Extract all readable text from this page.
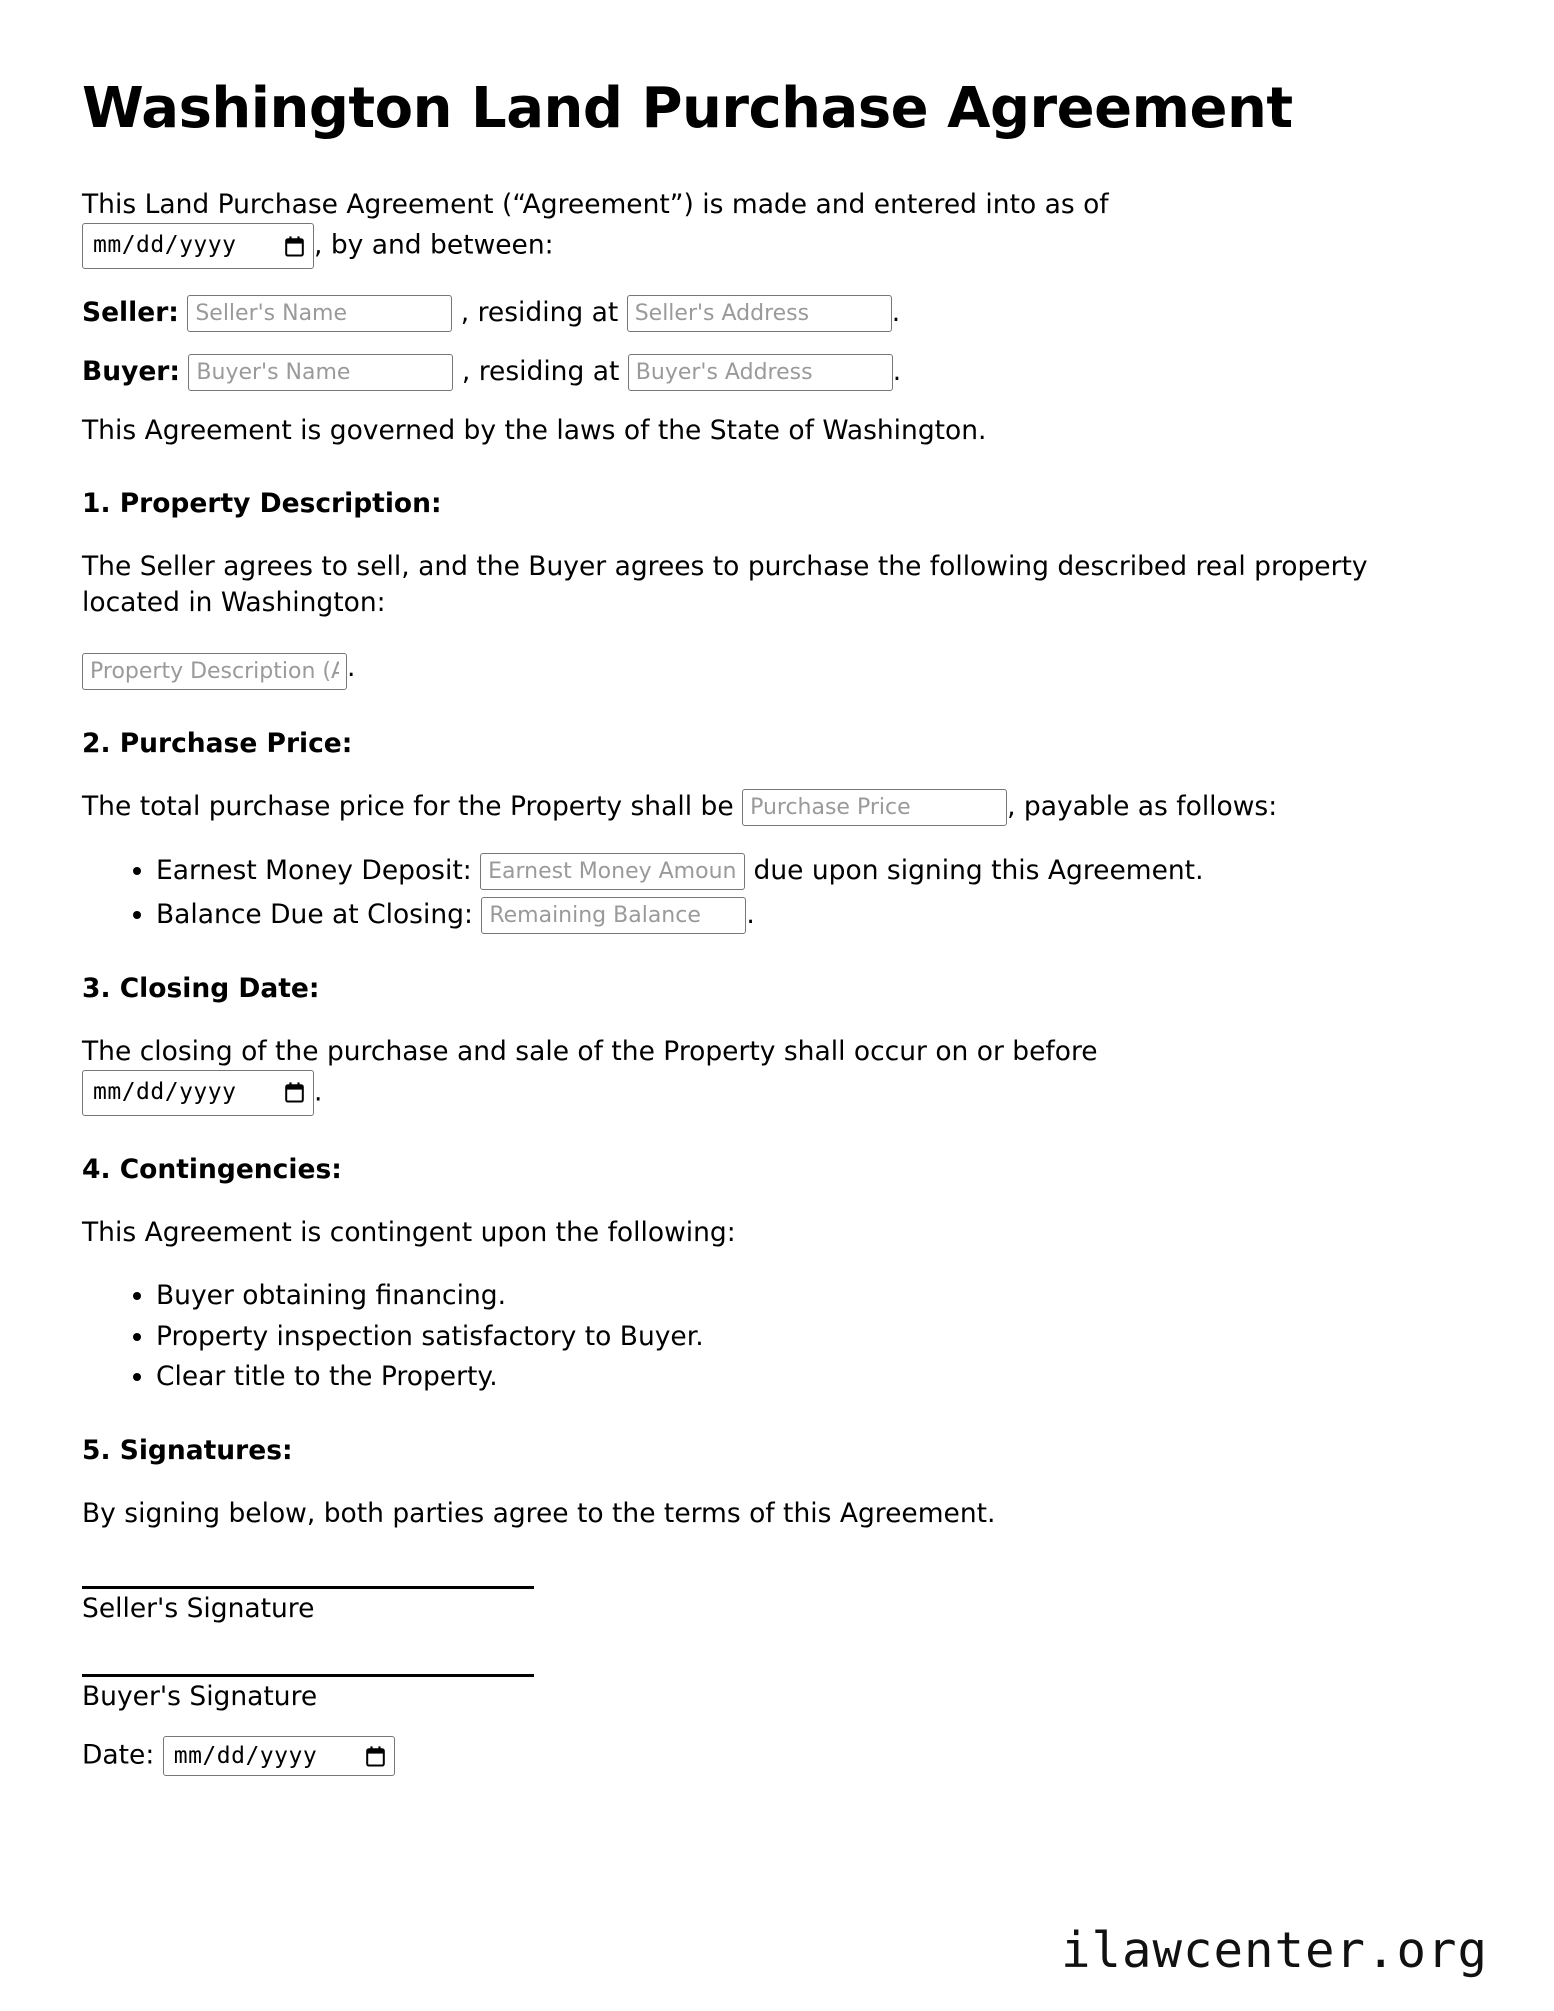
Washington Land Purchase Agreement

This Land Purchase Agreement (“Agreement”) is made and entered into as of

mm/dd/yyyy	, by and between:

Seller: Seller's Name	, residing at Seller's Address	.
Buyer: Buyer's Name	, residing at Buyer's Address	.

This Agreement is governed by the laws of the State of Washington.

1. Property Description:

The Seller agrees to sell, and the Buyer agrees to purchase the following described real property located in Washington:

Property Description (Address, Legal Description, Parcel Number).
2. Purchase Price:

The total purchase price for the Property shall be Purchase Price	, payable as follows:

• Earnest Money Deposit: Earnest Money Amount	due upon signing this Agreement.
• Balance Due at Closing: Remaining Balance	.
3. Closing Date:

The closing of the purchase and sale of the Property shall occur on or before

mm/dd/yyyy	.

4. Contingencies:

This Agreement is contingent upon the following:

• Buyer obtaining financing.
• Property inspection satisfactory to Buyer.
• Clear title to the Property.
5. Signatures:

By signing below, both parties agree to the terms of this Agreement.

Seller's Signature
Buyer's Signature
Date: mm/dd/yyyy
ilawcenter.org
